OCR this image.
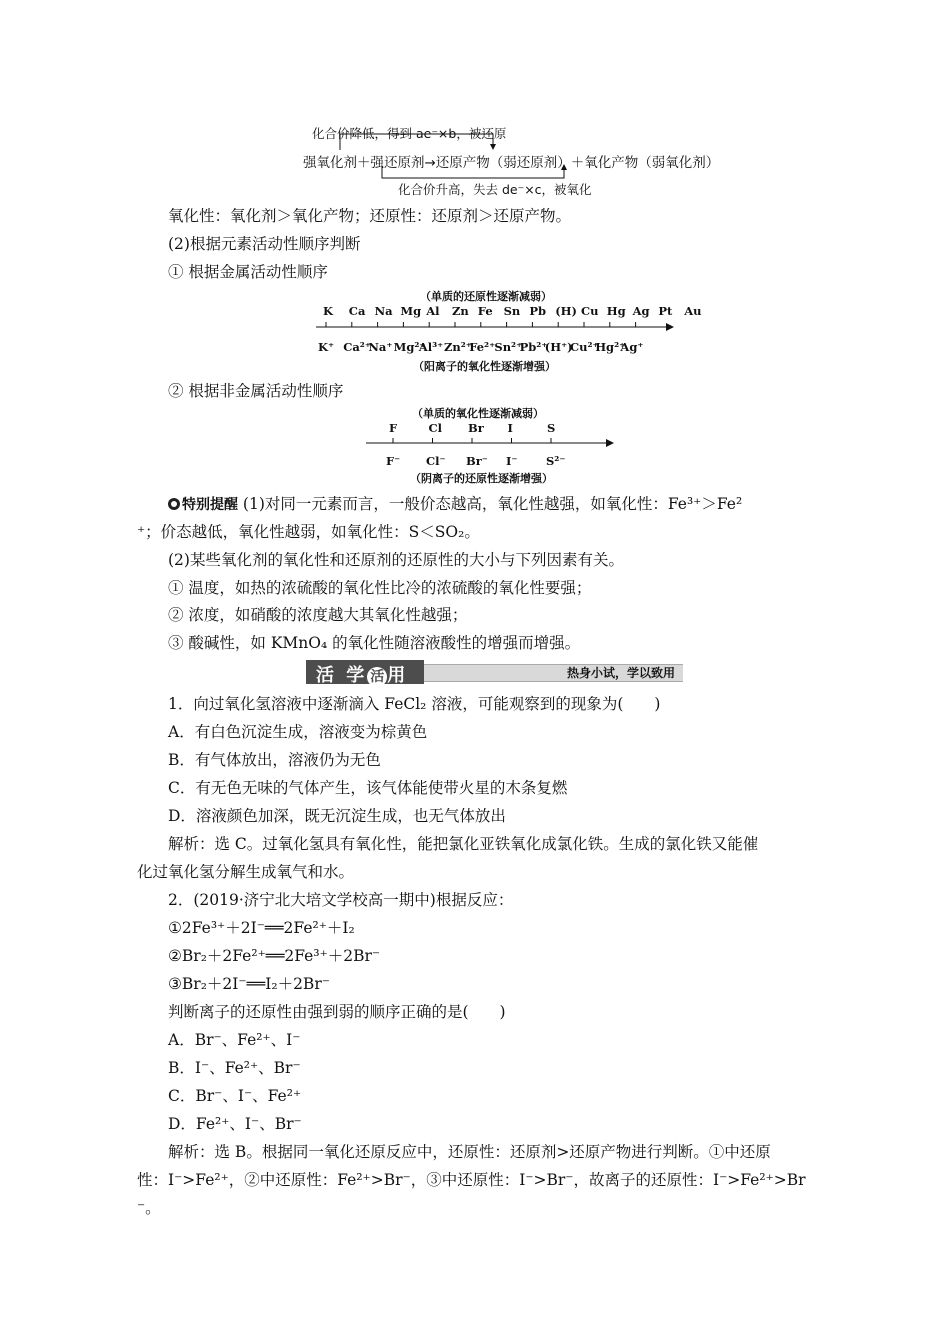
化合价降低，得到 ae⁻×b，被还原
强氧化剂＋强还原剂→还原产物（弱还原剂）＋氧化产物（弱氧化剂）
化合价升高，失去 de⁻×c，被氧化
氧化性：氧化剂＞氧化产物；还原性：还原剂＞还原产物。
(2)根据元素活动性顺序判断
① 根据金属活动性顺序
（单质的还原性逐渐减弱）
K Ca Na Mg Al Zn Fe Sn Pb (H) Cu Hg Ag Pt Au
K⁺ Ca²⁺
Na⁺ Mg²⁺
Al³⁺ Zn²⁺
Fe²⁺ Sn²⁺
Pb²⁺
(H⁺)
Cu²⁺
Hg²⁺
Ag⁺
（阳离子的氧化性逐渐增强）
② 根据非金属活动性顺序
（单质的氧化性逐渐减弱）
F	Cl Br I	S
F⁻ Cl⁻ Br⁻ I⁻ S²⁻
（阴离子的还原性逐渐增强）
特别提醒 (1)对同一元素而言，一般价态越高，氧化性越强，如氧化性：Fe³⁺＞Fe²
⁺；价态越低，氧化性越弱，如氧化性：S＜SO₂。
(2)某些氧化剂的氧化性和还原剂的还原性的大小与下列因素有关。
① 温度，如热的浓硫酸的氧化性比冷的浓硫酸的氧化性要强；
② 浓度，如硝酸的浓度越大其氧化性越强；
③ 酸碱性，如 KMnO₄ 的氧化性随溶液酸性的增强而增强。
热身小试，学以致用
活 学 活 用
1．向过氧化氢溶液中逐渐滴入 FeCl₂ 溶液，可能观察到的现象为(　　)
A．有白色沉淀生成，溶液变为棕黄色
B．有气体放出，溶液仍为无色
C．有无色无味的气体产生，该气体能使带火星的木条复燃
D．溶液颜色加深，既无沉淀生成，也无气体放出
解析：选 C。过氧化氢具有氧化性，能把氯化亚铁氧化成氯化铁。生成的氯化铁又能催
化过氧化氢分解生成氧气和水。
2．(2019·济宁北大培文学校高一期中)根据反应：
①2Fe³⁺＋2I⁻══2Fe²⁺＋I₂
②Br₂＋2Fe²⁺══2Fe³⁺＋2Br⁻
③Br₂＋2I⁻══I₂＋2Br⁻
判断离子的还原性由强到弱的顺序正确的是(　　)
A．Br⁻、Fe²⁺、I⁻
B．I⁻、Fe²⁺、Br⁻
C．Br⁻、I⁻、Fe²⁺
D．Fe²⁺、I⁻、Br⁻
解析：选 B。根据同一氧化还原反应中，还原性：还原剂>还原产物进行判断。①中还原
性：I⁻>Fe²⁺，②中还原性：Fe²⁺>Br⁻，③中还原性：I⁻>Br⁻，故离子的还原性：I⁻>Fe²⁺>Br
⁻。
